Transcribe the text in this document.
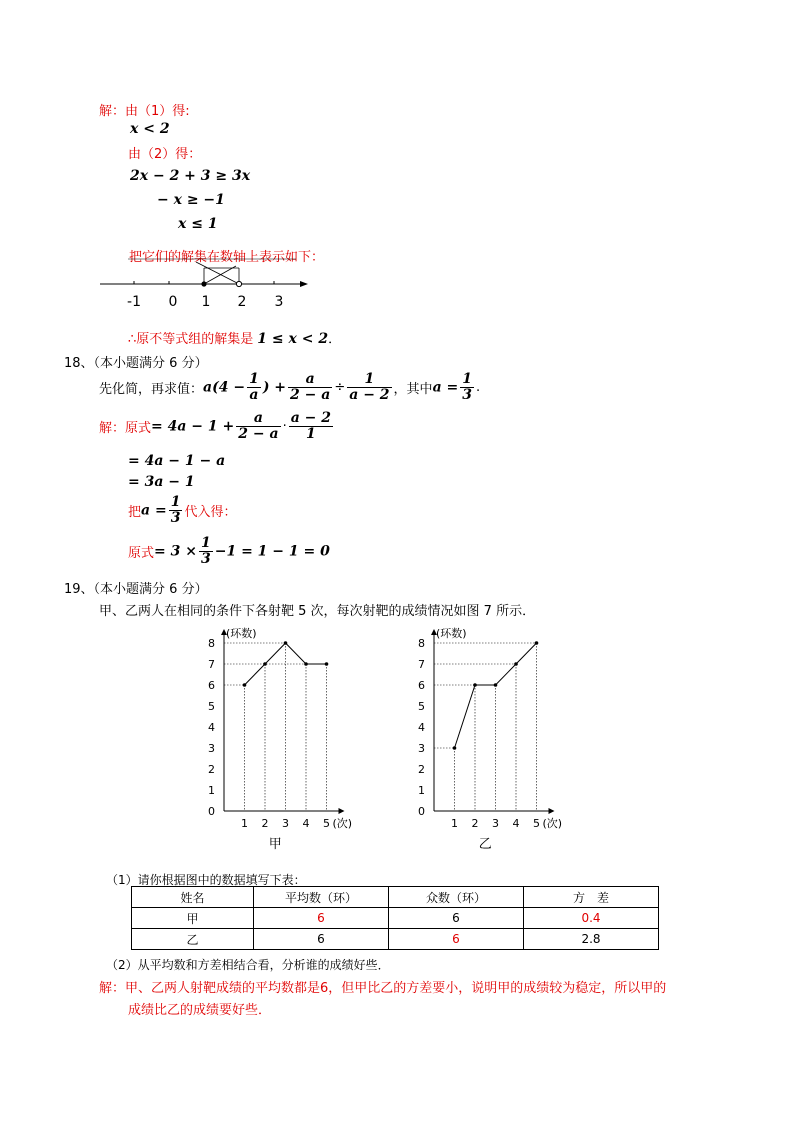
解：由（1）得:
x < 2
由（2）得：
2x − 2 + 3 ≥ 3x
− x ≥ −1
x ≤ 1
把它们的解集在数轴上表示如下：
-1 0 1 2 3
∴原不等式组的解集是 1 ≤ x < 2．
18、（本小题满分 6 分）
先化简，再求值：$a(4 - \frac{1}{a}$ ) + $\frac{a}{2 - a} \div \frac{1}{a - 2}$ ，其中$a = \frac{1}{3}$ .
解：原式= $4a - 1 + \frac{a}{2 - a} \cdot \frac{a - 2}{1}$
= 4a − 1 − a
= 3a − 1
把$a = \frac{1}{3}$ 代入得：
原式= $3 \times \frac{1}{3} -1 = 1 - 1 = 0$
19、（本小题满分 6 分）
甲、乙两人在相同的条件下各射靶 5 次，每次射靶的成绩情况如图 7 所示．
0
1
2
3
4
5
6
7
8
(环数)
1 2 3 4 5 (次)
甲
0
1
2
3
4
5
6
7
8
(环数)
1 2 3 4 5 (次)
乙
（1）请你根据图中的数据填写下表：
姓名	平均数（环）	众数（环）	方　差
甲	6	6	0.4
乙	6	6	2.8
（2）从平均数和方差相结合看，分析谁的成绩好些．
解：甲、乙两人射靶成绩的平均数都是6，但甲比乙的方差要小，说明甲的成绩较为稳定，所以甲的
成绩比乙的成绩要好些．
